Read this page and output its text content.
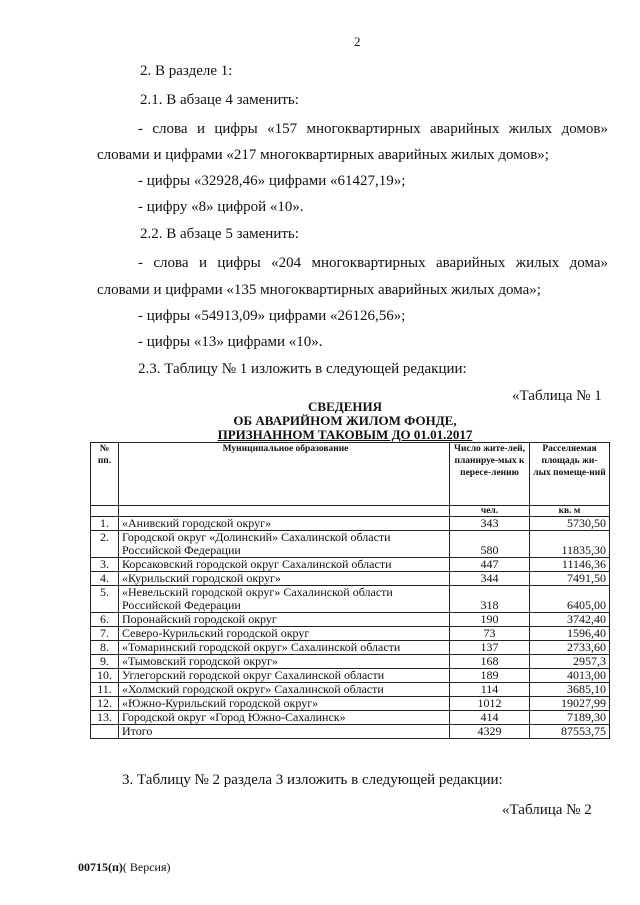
2
2. В разделе 1:
2.1. В абзаце 4 заменить:
- слова и цифры «157 многоквартирных аварийных жилых домов»
словами и цифрами «217 многоквартирных аварийных жилых домов»;
- цифры «32928,46» цифрами «61427,19»;
- цифру «8» цифрой «10».
2.2. В абзаце 5 заменить:
- слова и цифры «204 многоквартирных аварийных жилых дома»
словами и цифрами «135 многоквартирных аварийных жилых дома»;
- цифры «54913,09» цифрами «26126,56»;
- цифры «13» цифрами «10».
2.3. Таблицу № 1 изложить в следующей редакции:
«Таблица № 1
СВЕДЕНИЯ
ОБ АВАРИЙНОМ ЖИЛОМ ФОНДЕ,
ПРИЗНАННОМ ТАКОВЫМ ДО 01.01.2017
№ пп.	Муниципальное образование	Число жите-лей, планируе-мых к пересе-лению	Расселяемая площадь жи-лых помеще-ний
		чел.	кв. м
1.	«Анивский городской округ»	343	5730,50
2.	Городской округ «Долинский» Сахалинской области Российской Федерации	580	11835,30
3.	Корсаковский городской округ Сахалинской области	447	11146,36
4.	«Курильский городской округ»	344	7491,50
5.	«Невельский городской округ» Сахалинской области Российской Федерации	318	6405,00
6.	Поронайский городской округ	190	3742,40
7.	Северо-Курильский городской округ	73	1596,40
8.	«Томаринский городской округ» Сахалинской области	137	2733,60
9.	«Тымовский городской округ»	168	2957,3
10.	Углегорский городской округ Сахалинской области	189	4013,00
11.	«Холмский городской округ» Сахалинской области	114	3685,10
12.	«Южно-Курильский городской округ»	1012	19027,99
13.	Городской округ «Город Южно-Сахалинск»	414	7189,30
	Итого	4329	87553,75
3. Таблицу № 2 раздела 3 изложить в следующей редакции:
«Таблица № 2
00715(п)( Версия)
